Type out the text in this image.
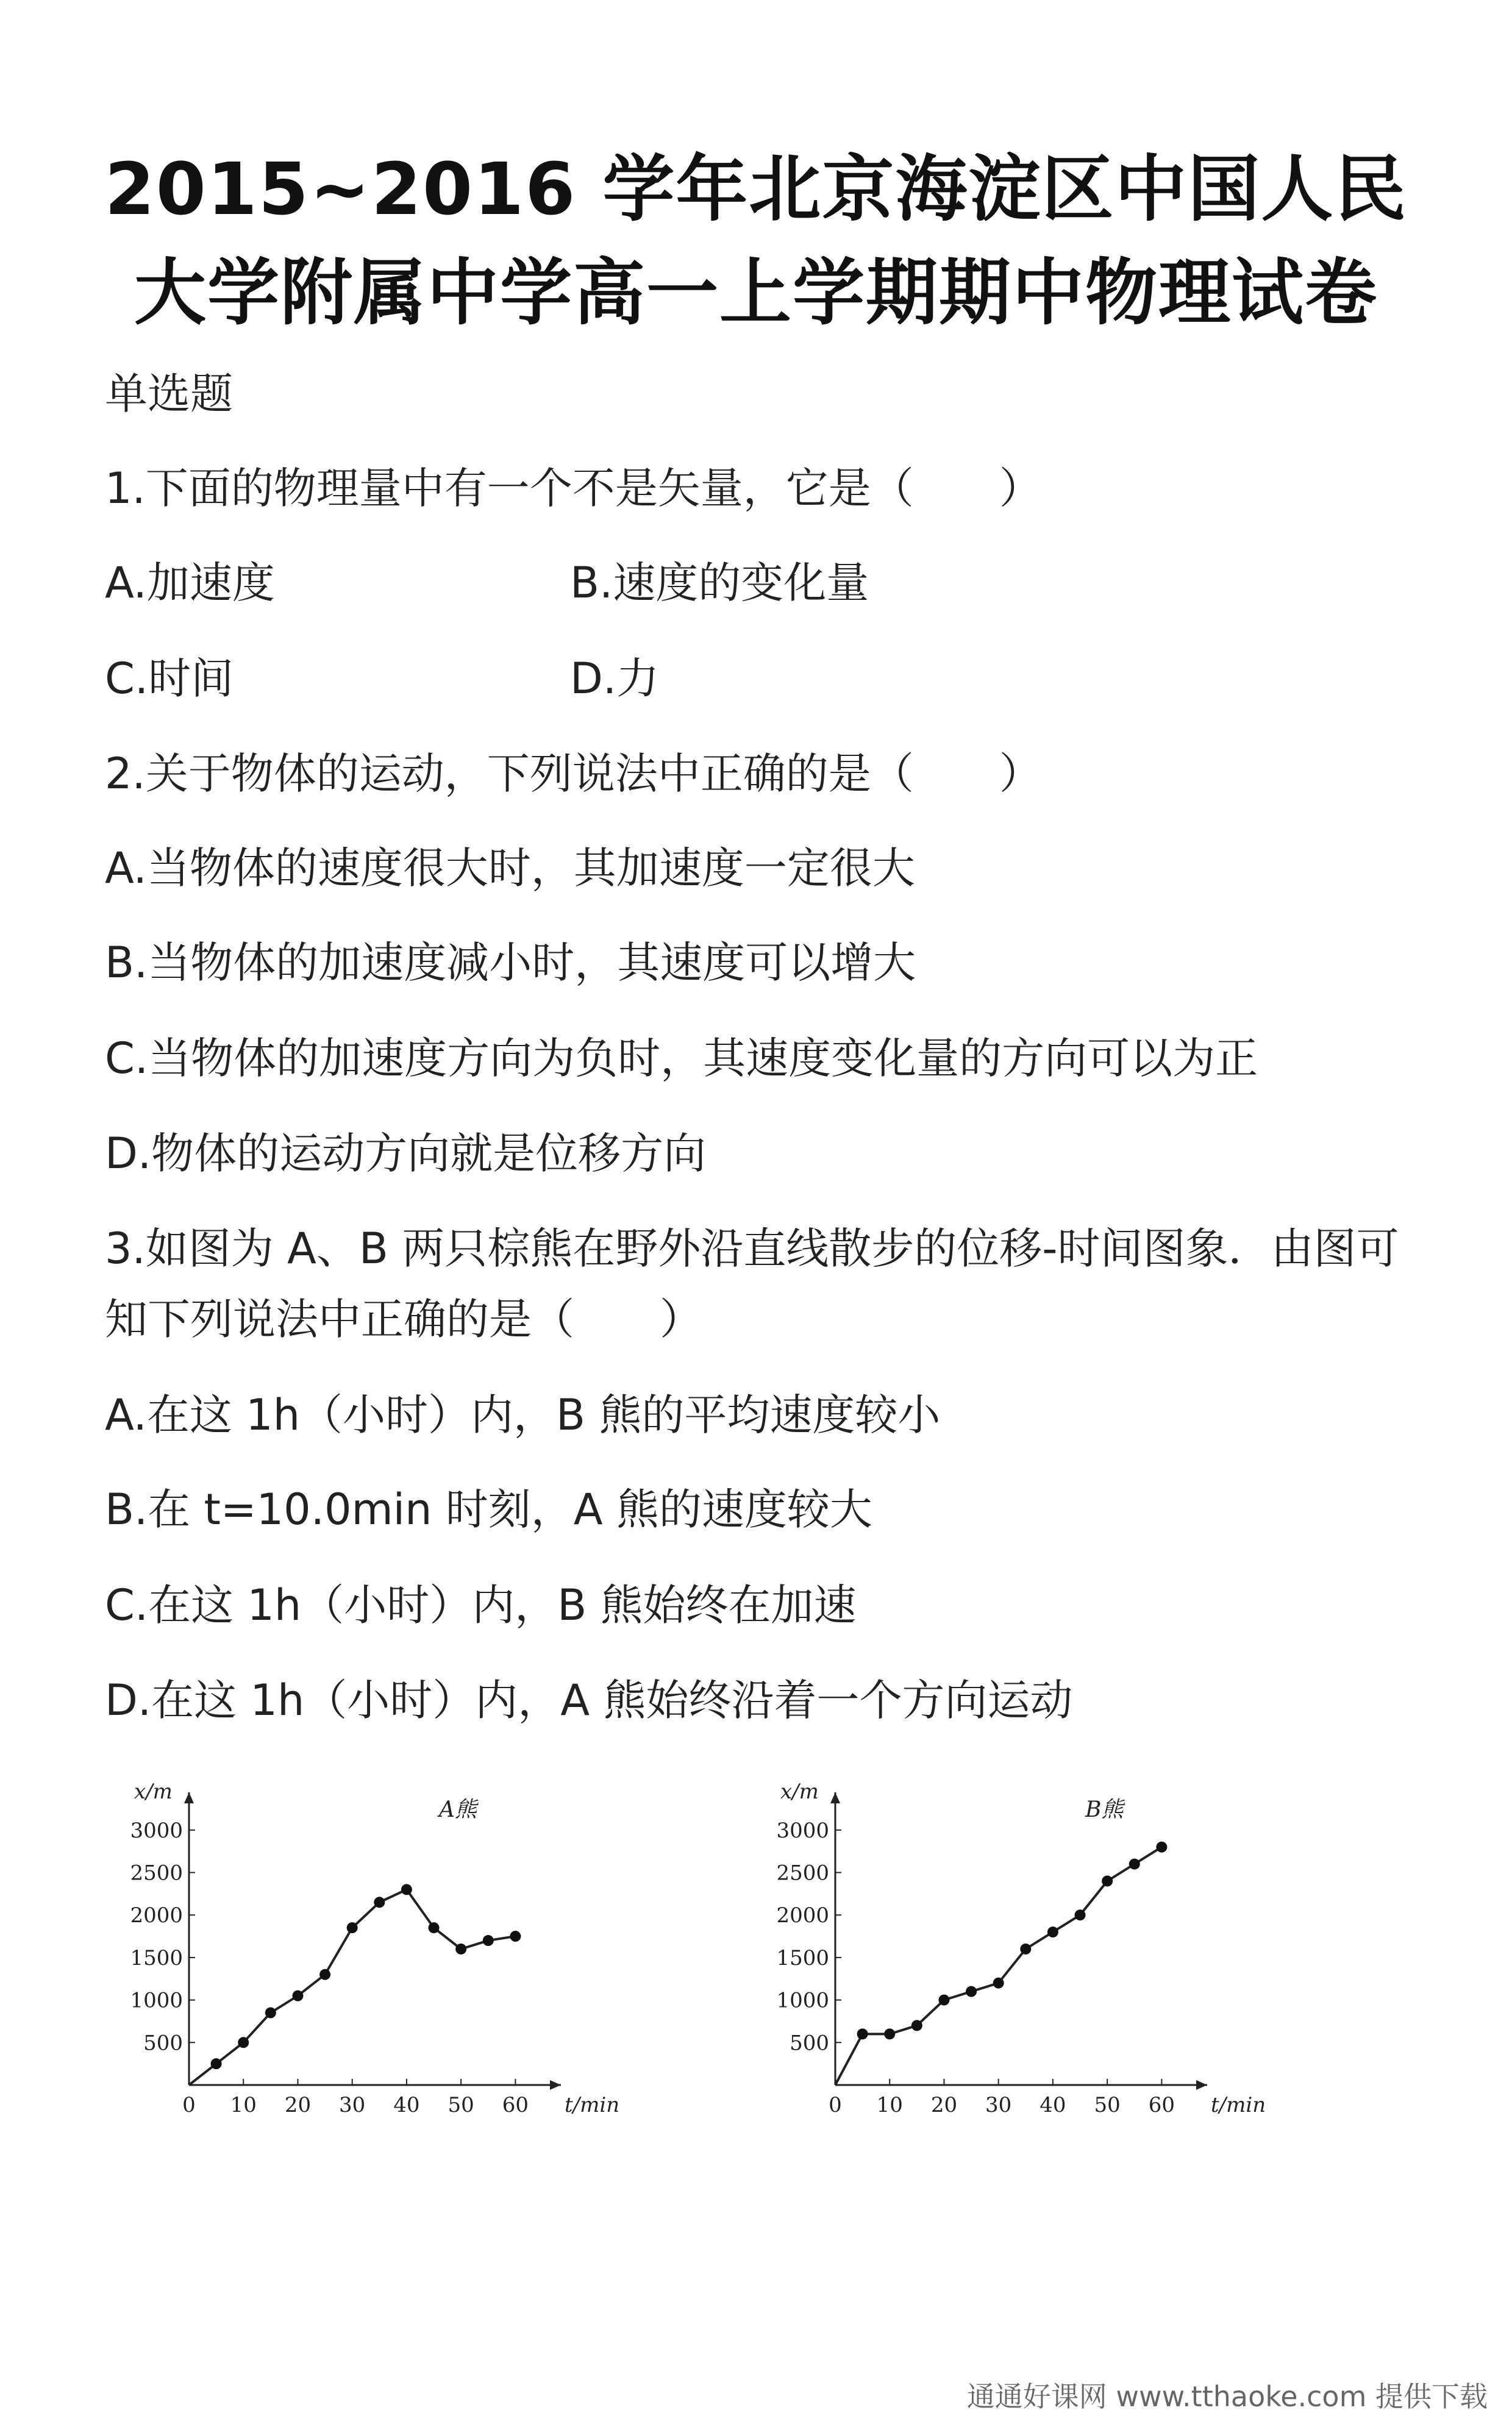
2015~2016 学年北京海淀区中国人民
大学附属中学高一上学期期中物理试卷
单选题
1.下面的物理量中有一个不是矢量，它是（　　）
A.加速度	B.速度的变化量
C.时间	D.力
2.关于物体的运动，下列说法中正确的是（　　）
A.当物体的速度很大时，其加速度一定很大
B.当物体的加速度减小时，其速度可以增大
C.当物体的加速度方向为负时，其速度变化量的方向可以为正
D.物体的运动方向就是位移方向
3.如图为 A、B 两只棕熊在野外沿直线散步的位移-时间图象．由图可
知下列说法中正确的是（　　）
A.在这 1h（小时）内，B 熊的平均速度较小
B.在 t=10.0min 时刻，A 熊的速度较大
C.在这 1h（小时）内，B 熊始终在加速
D.在这 1h（小时）内，A 熊始终沿着一个方向运动
x/m
t/min
A熊
500
1000
1500
2000
2500
3000
0 10 20 30 40 50 60
x/m
t/min
B熊
500
1000
1500
2000
2500
3000
0 10 20 30 40 50 60
通通好课网 www.tthaoke.com 提供下载
